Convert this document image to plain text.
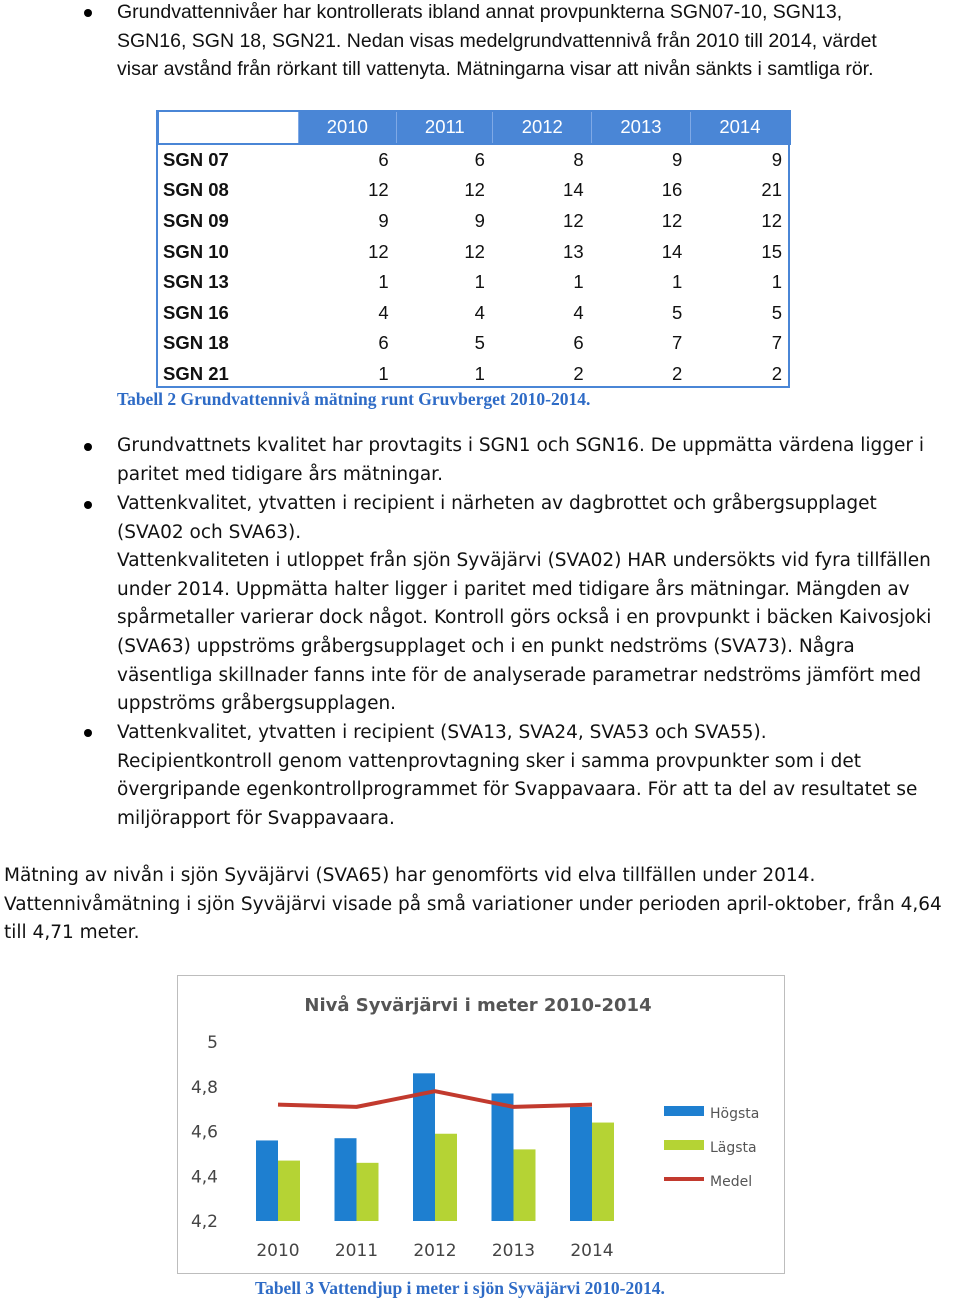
Grundvattennivåer har kontrollerats ibland annat provpunkterna SGN07-10, SGN13,

SGN16, SGN 18, SGN21. Nedan visas medelgrundvattennivå från 2010 till 2014, värdet

visar avstånd från rörkant till vattenyta. Mätningarna visar att nivån sänkts i samtliga rör.

	2010	2011	2012	2013	2014
SGN 07	6	6	8	9	9
SGN 08	12	12	14	16	21
SGN 09	9	9	12	12	12
SGN 10	12	12	13	14	15
SGN 13	1	1	1	1	1
SGN 16	4	4	4	5	5
SGN 18	6	5	6	7	7
SGN 21	1	1	2	2	2
Tabell 2 Grundvattennivå mätning runt Gruvberget 2010-2014.

Grundvattnets kvalitet har provtagits i SGN1 och SGN16. De uppmätta värdena ligger i

paritet med tidigare års mätningar.

Vattenkvalitet, ytvatten i recipient i närheten av dagbrottet och gråbergsupplaget

(SVA02 och SVA63).

Vattenkvaliteten i utloppet från sjön Syväjärvi (SVA02) HAR undersökts vid fyra tillfällen

under 2014. Uppmätta halter ligger i paritet med tidigare års mätningar. Mängden av

spårmetaller varierar dock något. Kontroll görs också i en provpunkt i bäcken Kaivosjoki

(SVA63) uppströms gråbergsupplaget och i en punkt nedströms (SVA73). Några

väsentliga skillnader fanns inte för de analyserade parametrar nedströms jämfört med

uppströms gråbergsupplagen.

Vattenkvalitet, ytvatten i recipient (SVA13, SVA24, SVA53 och SVA55).

Recipientkontroll genom vattenprovtagning sker i samma provpunkter som i det

övergripande egenkontrollprogrammet för Svappavaara. För att ta del av resultatet se

miljörapport för Svappavaara.

Mätning av nivån i sjön Syväjärvi (SVA65) har genomförts vid elva tillfällen under 2014.

Vattennivåmätning i sjön Syväjärvi visade på små variationer under perioden april-oktober, från 4,64

till 4,71 meter.

Nivå Syvärjärvi i meter 2010-2014
5
4,8
4,6
4,4
4,2
2010 2011 2012 2013 2014
Högsta
Lägsta
Medel
Tabell 3 Vattendjup i meter i sjön Syväjärvi 2010-2014.
